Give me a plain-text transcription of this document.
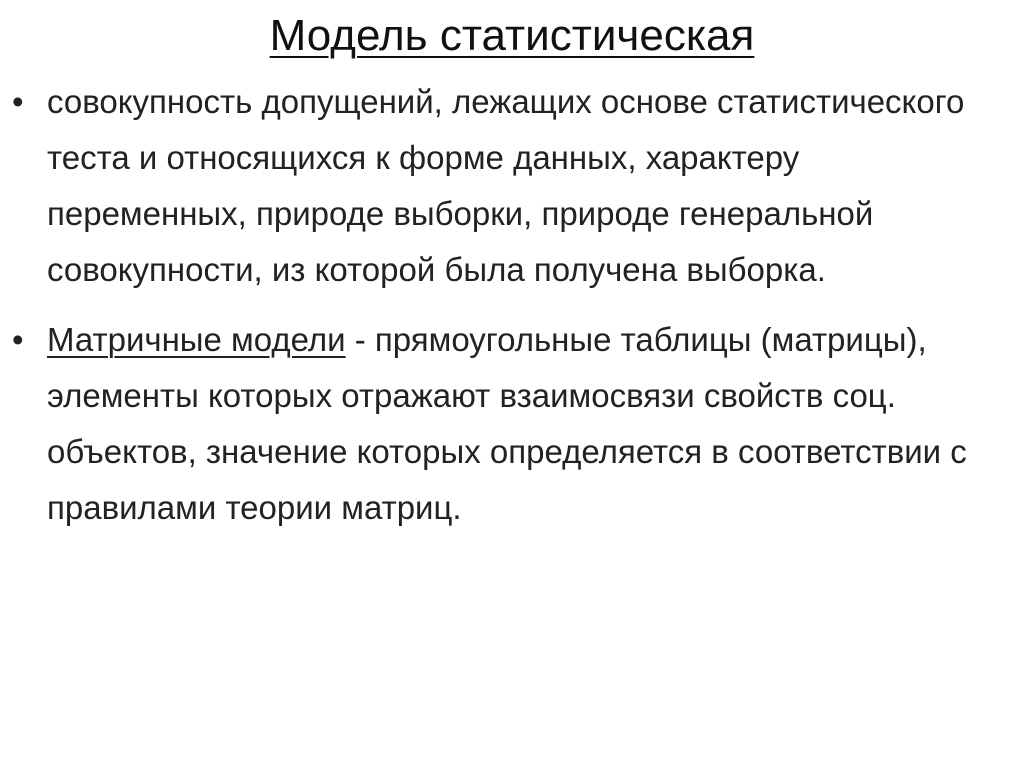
Модель статистическая
• совокупность допущений, лежащих основе статистического теста и относящихся к форме данных, характеру переменных, природе выборки, природе генеральной совокупности, из которой была получена выборка.
• Матричные модели - прямоугольные таблицы (матрицы), элементы которых отражают взаимосвязи свойств соц. объектов, значение которых определяется в соответствии с правилами теории матриц.
